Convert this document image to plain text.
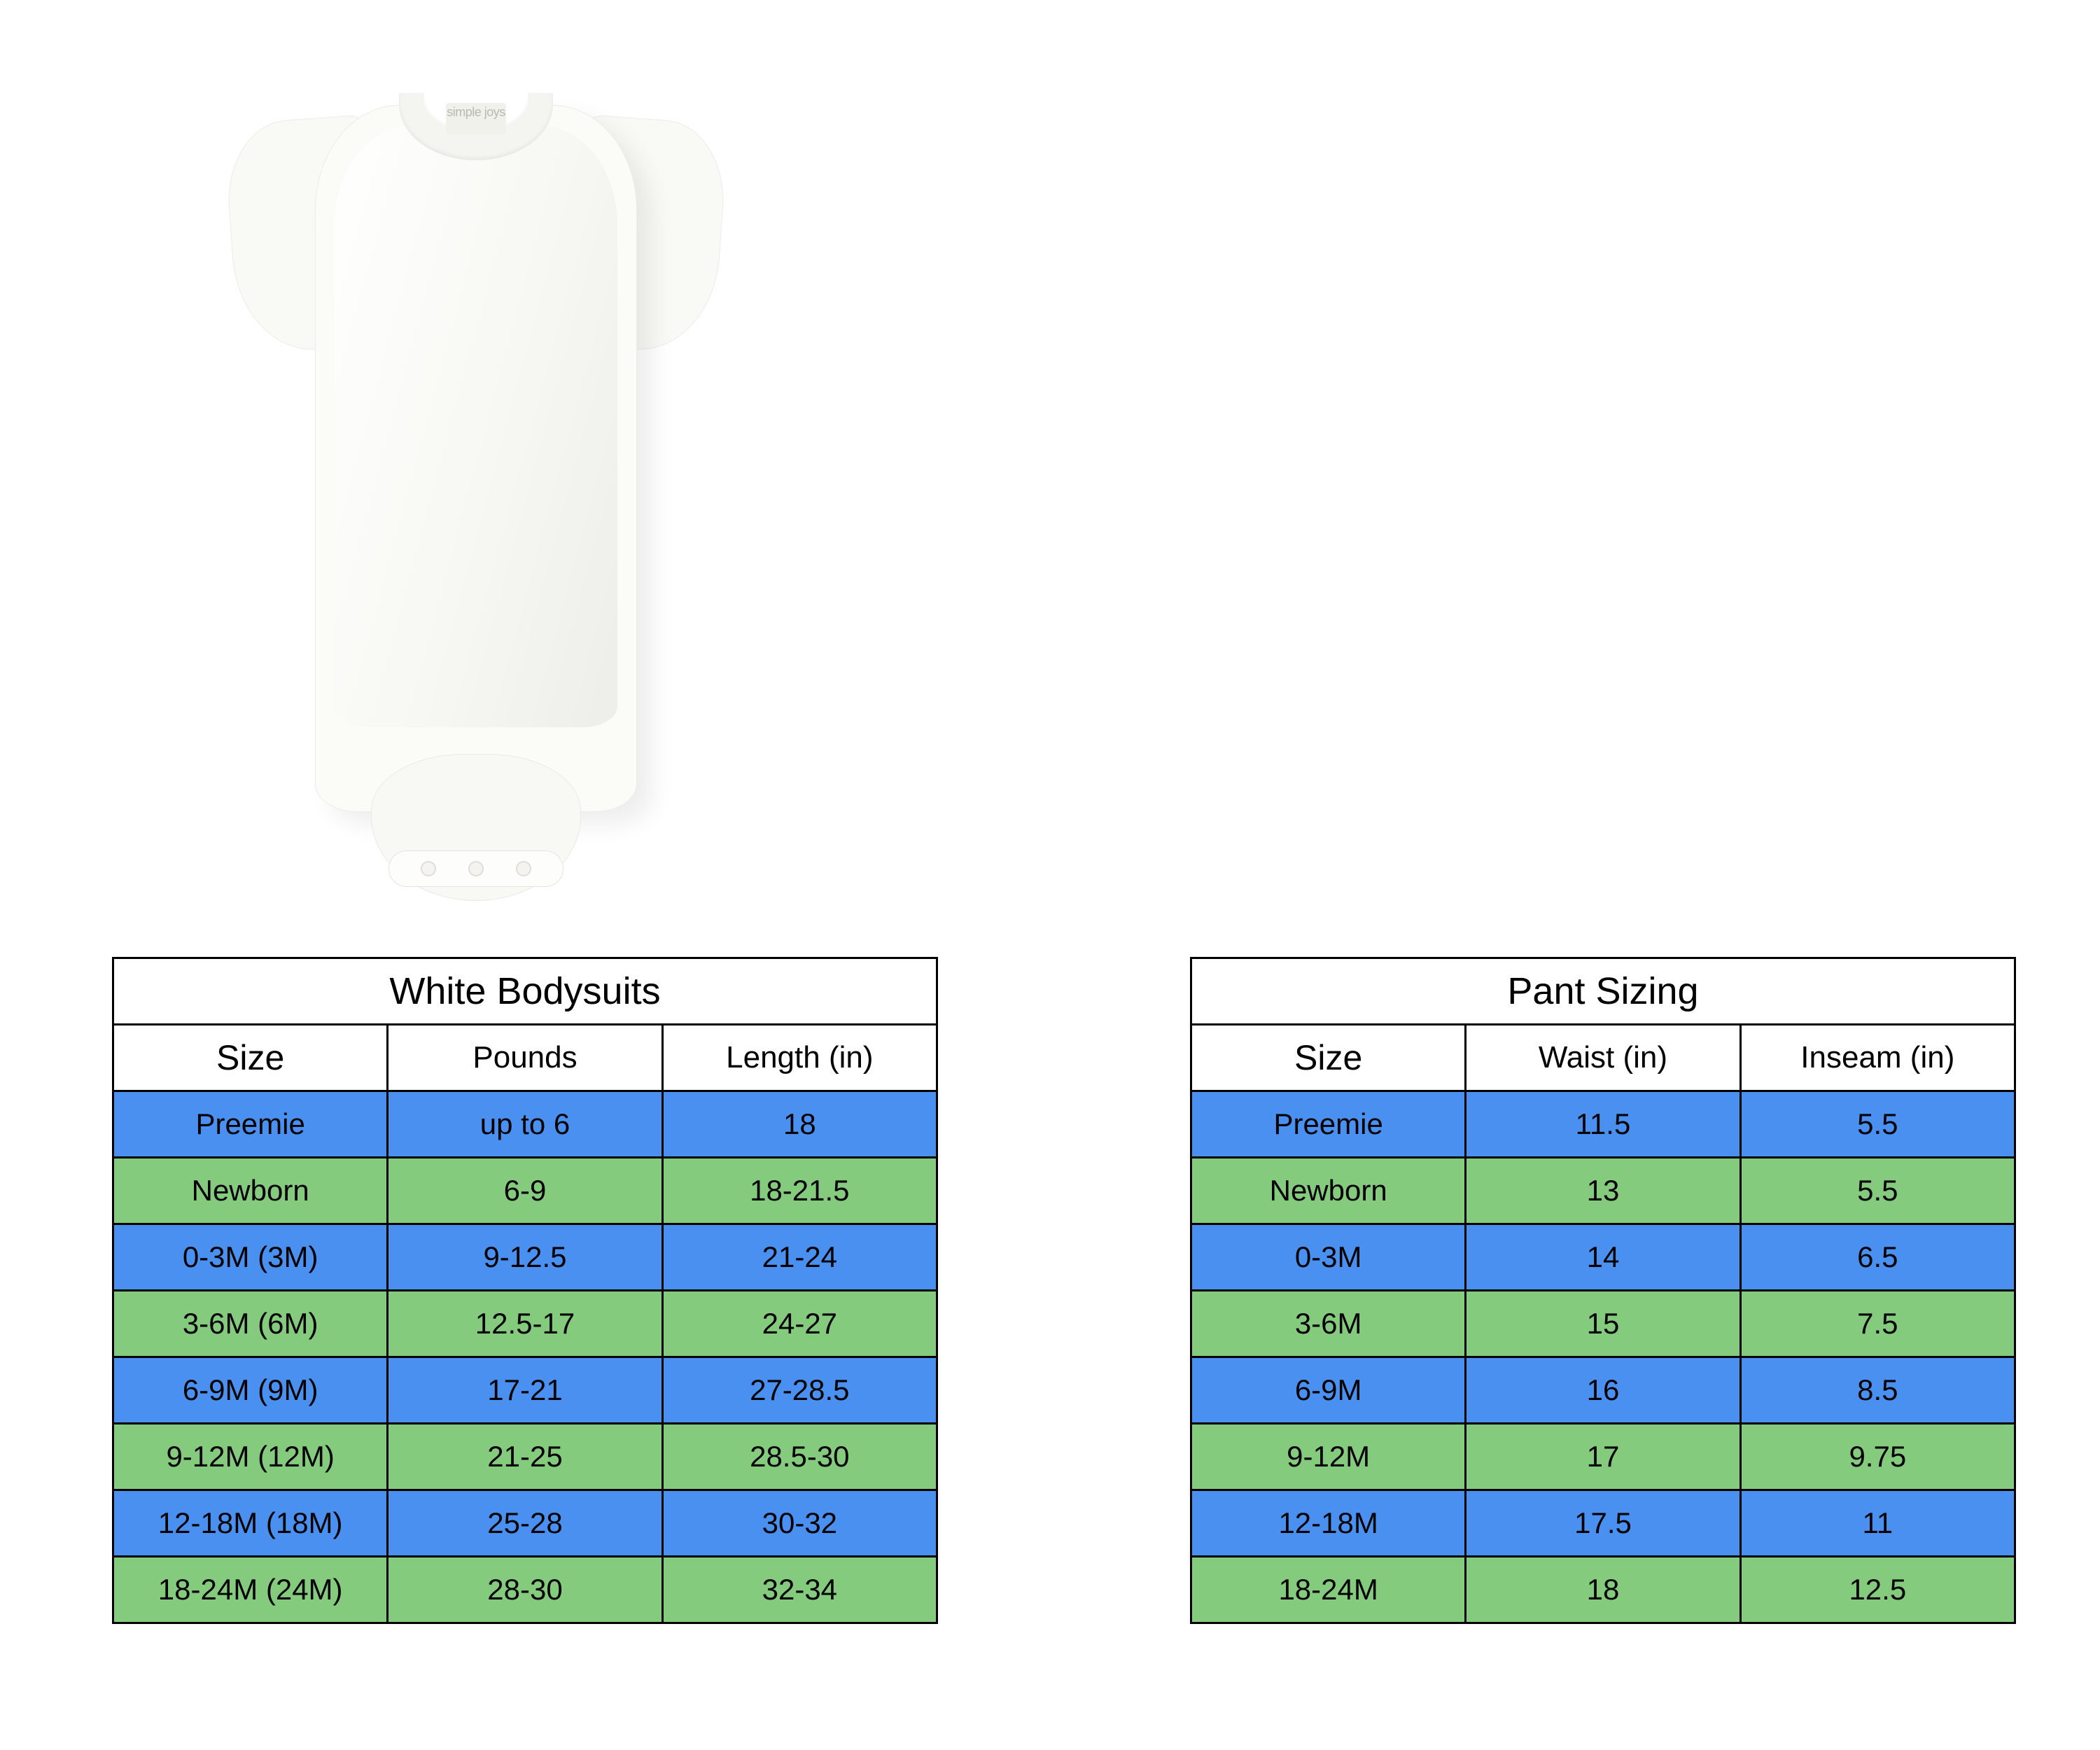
simple joys
White Bodysuits		
Size	Pounds	Length (in)
Preemie	up to 6	18
Newborn	6-9	18-21.5
0-3M (3M)	9-12.5	21-24
3-6M (6M)	12.5-17	24-27
6-9M (9M)	17-21	27-28.5
9-12M (12M)	21-25	28.5-30
12-18M (18M)	25-28	30-32
18-24M (24M)	28-30	32-34
Pant Sizing		
Size	Waist (in)	Inseam (in)
Preemie	11.5	5.5
Newborn	13	5.5
0-3M	14	6.5
3-6M	15	7.5
6-9M	16	8.5
9-12M	17	9.75
12-18M	17.5	11
18-24M	18	12.5
